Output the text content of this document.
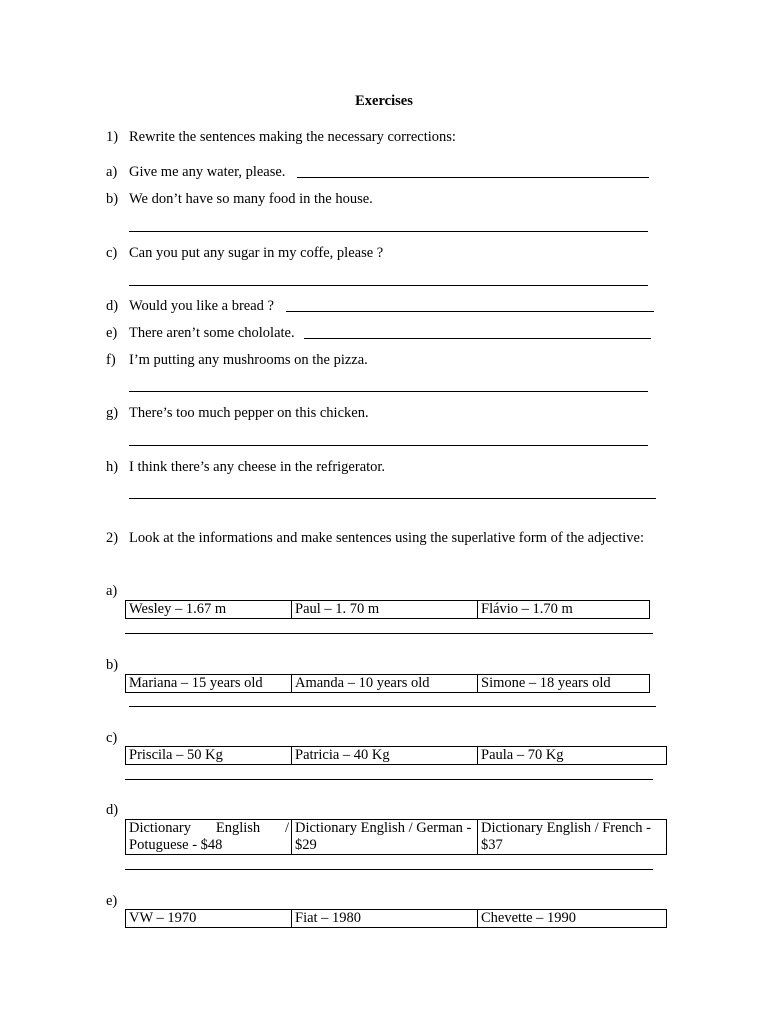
Exercises
1) Rewrite the sentences making the necessary corrections:
a) Give me any water, please.
b) We don’t have so many food in the house.
c) Can you put any sugar in my coffe, please ?
d) Would you like a bread ?
e) There aren’t some chololate.
f) I’m putting any mushrooms on the pizza.
g) There’s too much pepper on this chicken.
h) I think there’s any cheese in the refrigerator.
2) Look at the informations and make sentences using the superlative form of the adjective:
a)
Wesley – 1.67 m	Paul – 1. 70 m	Flávio – 1.70 m
b)
Mariana – 15 years old	Amanda – 10 years old	Simone – 18 years old
c)
Priscila – 50 Kg	Patricia – 40 Kg	Paula – 70 Kg
d)
Dictionary English / Potuguese - $48	Dictionary English / German - $29	Dictionary English / French - $37
e)
VW – 1970	Fiat – 1980	Chevette – 1990
